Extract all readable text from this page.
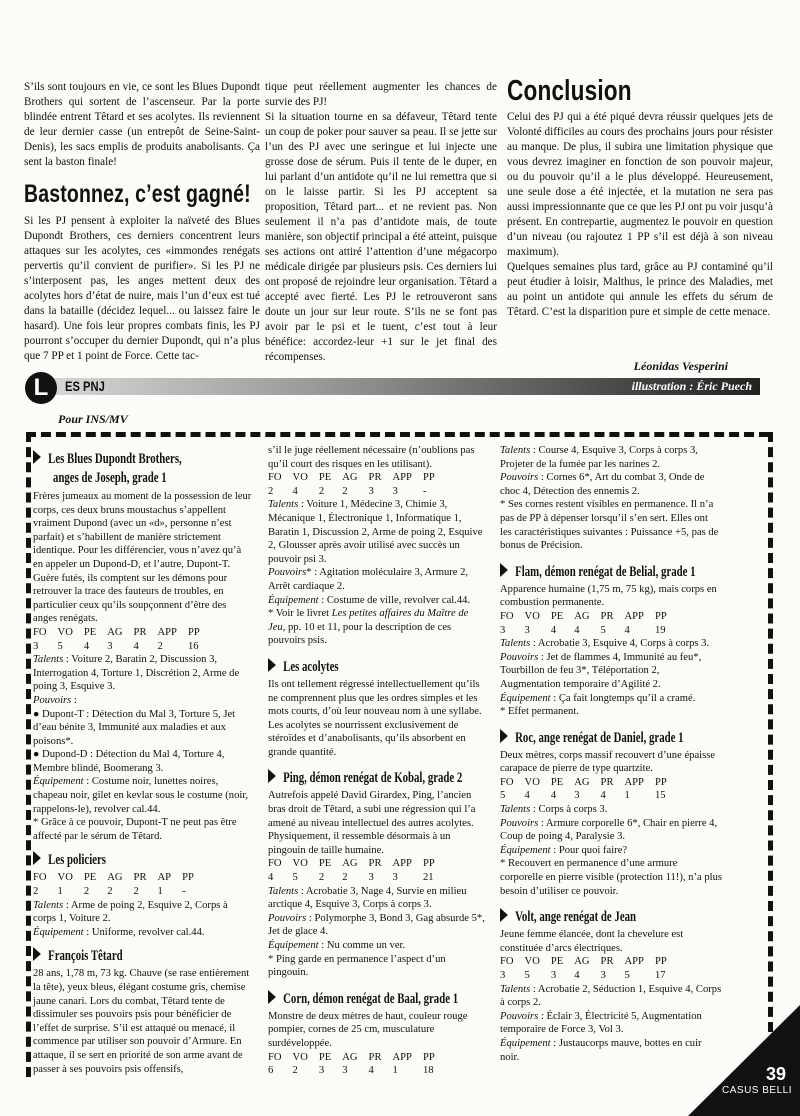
S’ils sont toujours en vie, ce sont les Blues Dupondt Brothers qui sortent de l’ascenseur. Par la porte blindée entrent Têtard et ses acolytes. Ils reviennent de leur dernier casse (un entrepôt de Seine-Saint-Denis), les sacs emplis de produits anabolisants. Ça sent la baston finale!

Bastonnez, c’est gagné!

Si les PJ pensent à exploiter la naïveté des Blues Dupondt Brothers, ces derniers concentrent leurs attaques sur les acolytes, ces «immondes renégats pervertis qu’il convient de purifier». Si les PJ ne s’interposent pas, les anges mettent deux des acolytes hors d’état de nuire, mais l’un d’eux est tué dans la bataille (décidez lequel... ou laissez faire le hasard). Une fois leur propres combats finis, les PJ pourront s’occuper du dernier Dupondt, qui n’a plus que 7 PP et 1 point de Force. Cette tac-

tique peut réellement augmenter les chances de survie des PJ!

Si la situation tourne en sa défaveur, Têtard tente un coup de poker pour sauver sa peau. Il se jette sur l’un des PJ avec une seringue et lui injecte une grosse dose de sérum. Puis il tente de le duper, en lui parlant d’un antidote qu’il ne lui remettra que si on le laisse partir. Si les PJ acceptent sa proposition, Têtard part... et ne revient pas. Non seulement il n’a pas d’antidote mais, de toute manière, son objectif principal a été atteint, puisque ses actions ont attiré l’attention d’une mégacorpo médicale dirigée par plusieurs psis. Ces derniers lui ont proposé de rejoindre leur organisation. Têtard a accepté avec fierté. Les PJ le retrouveront sans doute un jour sur leur route. S’ils ne se font pas avoir par le psi et le tuent, c’est tout à leur bénéfice: accordez-leur +1 sur le jet final des récompenses.

Conclusion

Celui des PJ qui a été piqué devra réussir quelques jets de Volonté difficiles au cours des prochains jours pour résister au manque. De plus, il subira une limitation physique que vous devrez imaginer en fonction de son pouvoir majeur, ou du pouvoir qu’il a le plus développé. Heureusement, une seule dose a été injectée, et la mutation ne sera pas aussi impressionnante que ce que les PJ ont pu voir jusqu’à présent. En contrepartie, augmentez le pouvoir en question d’un niveau (ou rajoutez 1 PP s’il est déjà à son niveau maximum).

Quelques semaines plus tard, grâce au PJ contaminé qu’il peut étudier à loisir, Malthus, le prince des Maladies, met au point un antidote qui annule les effets du sérum de Têtard. C’est la disparition pure et simple de cette menace.

Léonidas Vesperini
L	ES PNJ	illustration : Éric Puech
Pour INS/MV
Les Blues Dupondt Brothers,
anges de Joseph, grade 1

Frères jumeaux au moment de la possession de leur corps, ces deux bruns moustachus s’appellent vraiment Dupond (avec un «d», personne n’est parfait) et s’habillent de manière strictement identique. Pour les différencier, vous n’avez qu’à en appeler un Dupond-D, et l’autre, Dupont-T. Guère futés, ils comptent sur les démons pour retrouver la trace des fauteurs de troubles, en particulier ceux qu’ils soupçonnent d’être des anges renégats.

FO VO PE AG PR APP PP
3	5	4	3	4	2	16

Talents : Voiture 2, Baratin 2, Discussion 3, Interrogation 4, Torture 1, Discrétion 2, Arme de poing 3, Esquive 3.

Pouvoirs :

● Dupont-T : Détection du Mal 3, Torture 5, Jet d’eau bénite 3, Immunité aux maladies et aux poisons*.

● Dupond-D : Détection du Mal 4, Torture 4, Membre blindé, Boomerang 3.

Équipement : Costume noir, lunettes noires, chapeau noir, gilet en kevlar sous le costume (noir, rappelons-le), revolver cal.44.

* Grâce à ce pouvoir, Dupont-T ne peut pas être affecté par le sérum de Têtard.

Les policiers
FO VO PE AG PR AP PP
2	1	2	2	2	1	-

Talents : Arme de poing 2, Esquive 2, Corps à corps 1, Voiture 2.

Équipement : Uniforme, revolver cal.44.

François Têtard

28 ans, 1,78 m, 73 kg. Chauve (se rase entièrement la tête), yeux bleus, élégant costume gris, chemise jaune canari. Lors du combat, Têtard tente de dissimuler ses pouvoirs psis pour bénéficier de l’effet de surprise. S’il est attaqué ou menacé, il commence par utiliser son pouvoir d’Armure. En attaque, il se sert en priorité de son arme avant de passer à ses pouvoirs psis offensifs,

s’il le juge réellement nécessaire (n’oublions pas qu’il court des risques en les utilisant).

FO VO PE AG PR APP PP
2	4	2	2	3	3	-

Talents : Voiture 1, Médecine 3, Chimie 3, Mécanique 1, Électronique 1, Informatique 1, Baratin 1, Discussion 2, Arme de poing 2, Esquive 2, Glousser après avoir utilisé avec succès un pouvoir psi 3.

Pouvoirs* : Agitation moléculaire 3, Armure 2, Arrêt cardiaque 2.

Équipement : Costume de ville, revolver cal.44.

* Voir le livret Les petites affaires du Maître de Jeu, pp. 10 et 11, pour la description de ces pouvoirs psis.

Les acolytes

Ils ont tellement régressé intellectuellement qu’ils ne comprennent plus que les ordres simples et les mots courts, d’où leur nouveau nom à une syllabe. Les acolytes se nourrissent exclusivement de stéroïdes et d’anabolisants, qu’ils absorbent en grande quantité.

Ping, démon renégat de Kobal, grade 2

Autrefois appelé David Girardex, Ping, l’ancien bras droit de Têtard, a subi une régression qui l’a amené au niveau intellectuel des autres acolytes. Physiquement, il ressemble désormais à un pingouin de taille humaine.

FO VO PE AG PR APP PP
4	5	2	2	3	3	21

Talents : Acrobatie 3, Nage 4, Survie en milieu arctique 4, Esquive 3, Corps à corps 3.

Pouvoirs : Polymorphe 3, Bond 3, Gag absurde 5*, Jet de glace 4.

Équipement : Nu comme un ver.

* Ping garde en permanence l’aspect d’un pingouin.

Corn, démon renégat de Baal, grade 1

Monstre de deux mètres de haut, couleur rouge pompier, cornes de 25 cm, musculature surdéveloppée.

FO VO PE AG PR APP PP
6	2	3	3	4	1	18

Talents : Course 4, Esquive 3, Corps à corps 3, Projeter de la fumée par les narines 2.

Pouvoirs : Cornes 6*, Art du combat 3, Onde de choc 4, Détection des ennemis 2.

* Ses cornes restent visibles en permanence. Il n’a pas de PP à dépenser lorsqu’il s’en sert. Elles ont les caractéristiques suivantes : Puissance +5, pas de bonus de Précision.

Flam, démon renégat de Belial, grade 1

Apparence humaine (1,75 m, 75 kg), mais corps en combustion permanente.

FO VO PE AG PR APP PP
3	3	4	4	5	4	19

Talents : Acrobatie 3, Esquive 4, Corps à corps 3.

Pouvoirs : Jet de flammes 4, Immunité au feu*, Tourbillon de feu 3*, Téléportation 2, Augmentation temporaire d’Agilité 2.

Équipement : Ça fait longtemps qu’il a cramé.

* Effet permanent.

Roc, ange renégat de Daniel, grade 1

Deux mètres, corps massif recouvert d’une épaisse carapace de pierre de type quartzite.

FO VO PE AG PR APP PP
5	4	4	3	4	1	15

Talents : Corps à corps 3.

Pouvoirs : Armure corporelle 6*, Chair en pierre 4, Coup de poing 4, Paralysie 3.

Équipement : Pour quoi faire?

* Recouvert en permanence d’une armure corporelle en pierre visible (protection 11!), n’a plus besoin d’utiliser ce pouvoir.

Volt, ange renégat de Jean

Jeune femme élancée, dont la chevelure est constituée d’arcs électriques.

FO VO PE AG PR APP PP
3	5	3	4	3	5	17

Talents : Acrobatie 2, Séduction 1, Esquive 4, Corps à corps 2.

Pouvoirs : Éclair 3, Électricité 5, Augmentation temporaire de Force 3, Vol 3.

Équipement : Justaucorps mauve, bottes en cuir noir.

39
CASUS BELLI
